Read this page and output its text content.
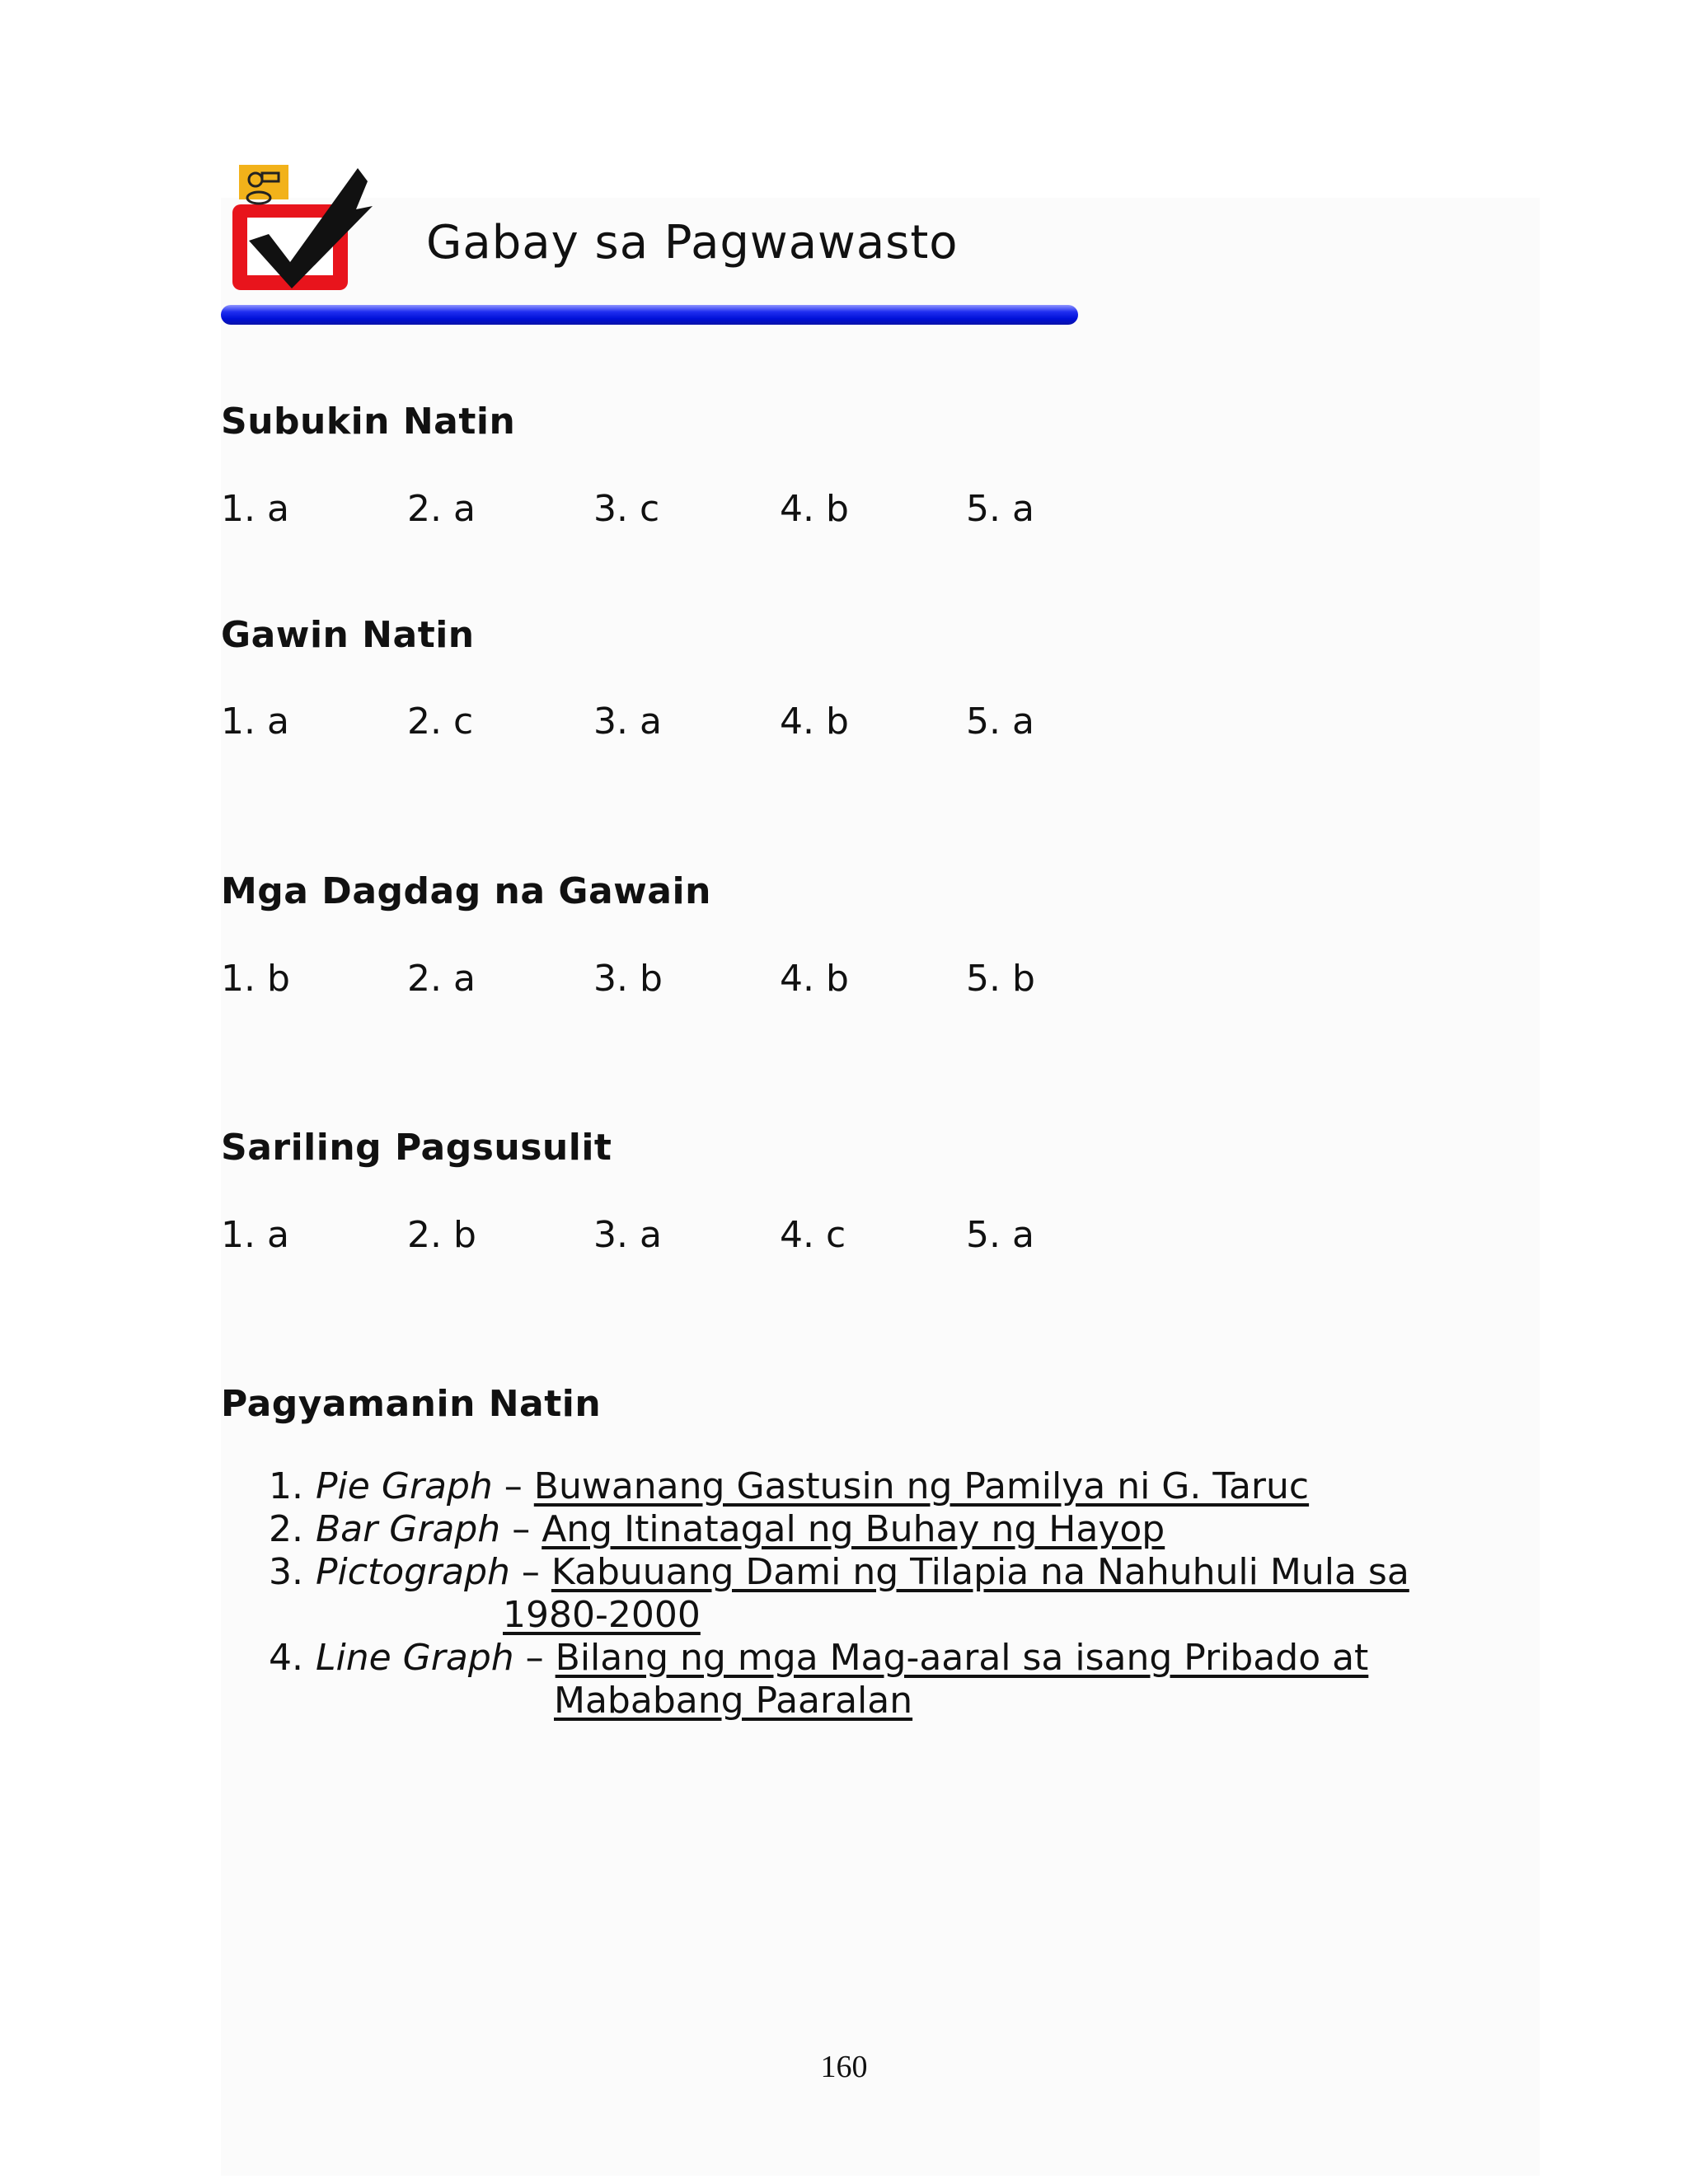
Gabay sa Pagwawasto
Subukin Natin
1. a	2. a	3. c	4. b	5. a
Gawin Natin
1. a	2. c	3. a	4. b	5. a
Mga Dagdag na Gawain
1. b	2. a	3. b	4. b	5. b
Sariling Pagsusulit
1. a	2. b	3. a	4. c	5. a
Pagyamanin Natin
1. Pie Graph – Buwanang Gastusin ng Pamilya ni G. Taruc
2. Bar Graph – Ang Itinatagal ng Buhay ng Hayop
3. Pictograph – Kabuuang Dami ng Tilapia na Nahuhuli Mula sa
1980-2000
4. Line Graph – Bilang ng mga Mag-aaral sa isang Pribado at
Mababang Paaralan
160
